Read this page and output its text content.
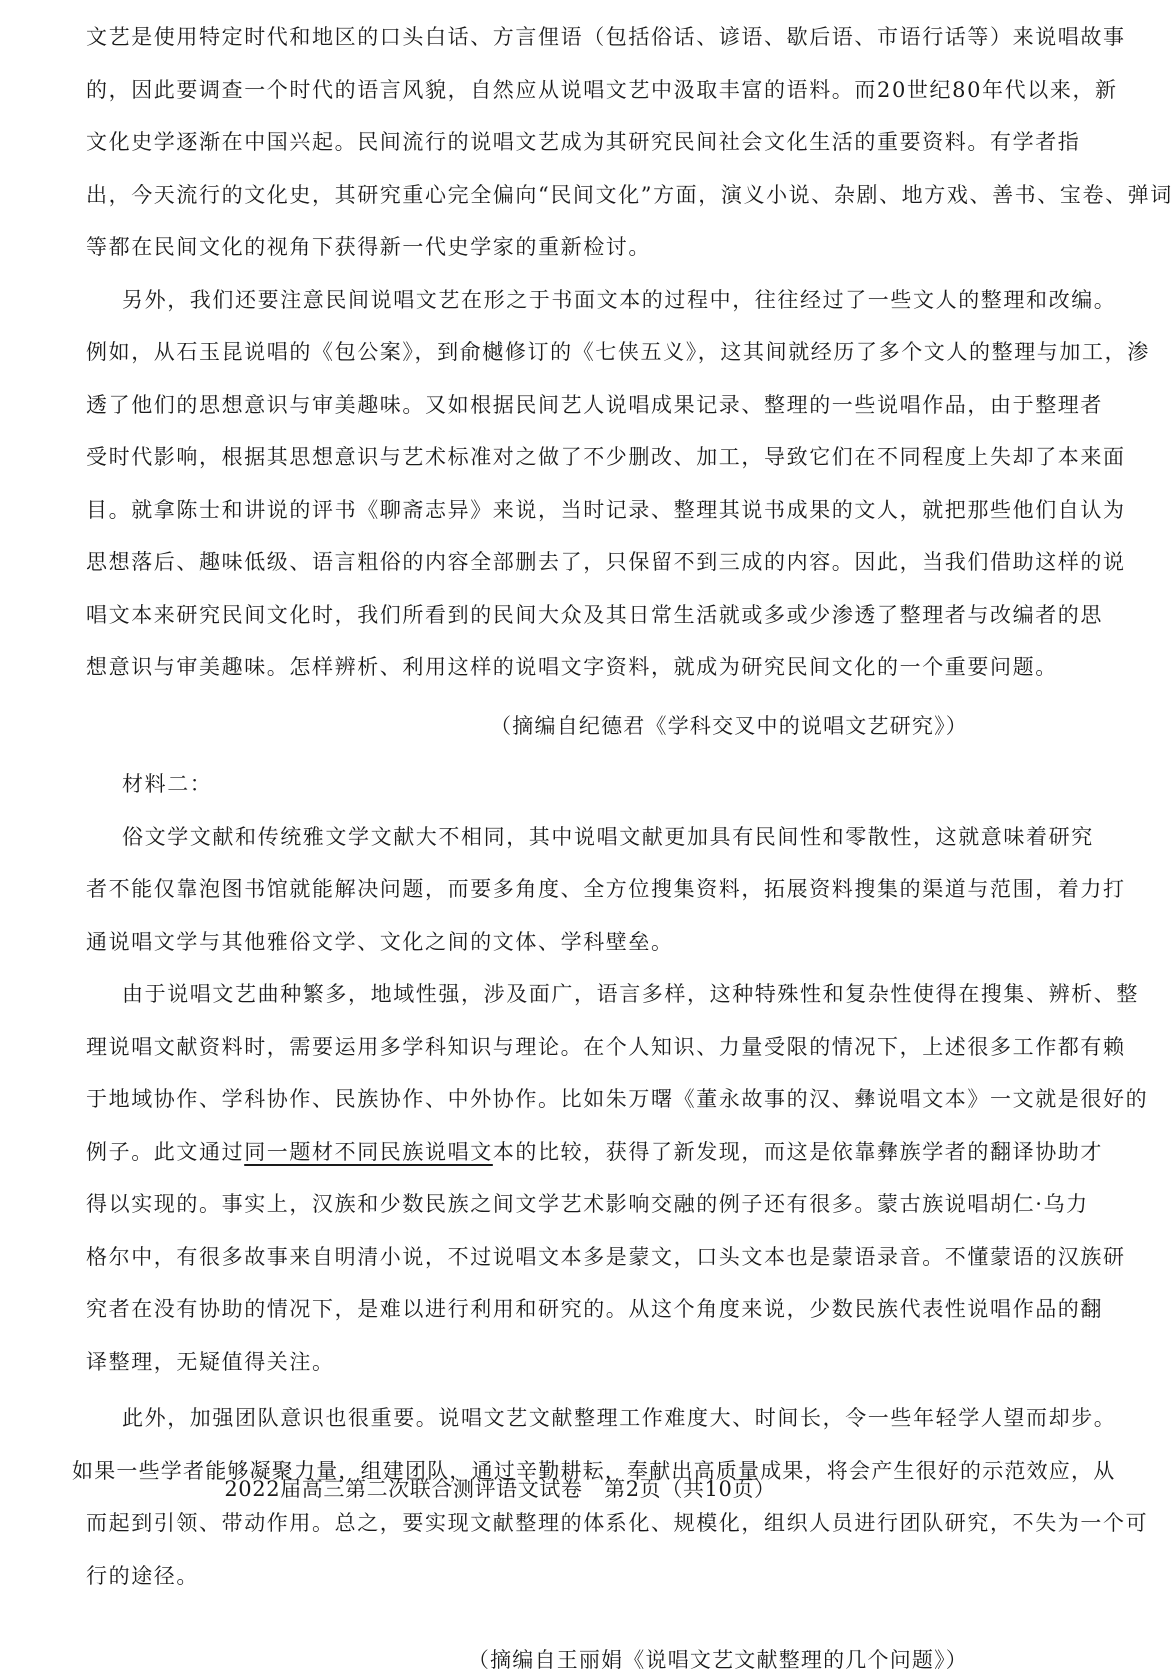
文艺是使用特定时代和地区的口头白话、方言俚语（包括俗话、谚语、歇后语、市语行话等）来说唱故事
的，因此要调查一个时代的语言风貌，自然应从说唱文艺中汲取丰富的语料。而20世纪80年代以来，新
文化史学逐渐在中国兴起。民间流行的说唱文艺成为其研究民间社会文化生活的重要资料。有学者指
出，今天流行的文化史，其研究重心完全偏向“民间文化”方面，演义小说、杂剧、地方戏、善书、宝卷、弹词
等都在民间文化的视角下获得新一代史学家的重新检讨。
另外，我们还要注意民间说唱文艺在形之于书面文本的过程中，往往经过了一些文人的整理和改编。
例如，从石玉昆说唱的《包公案》，到俞樾修订的《七侠五义》，这其间就经历了多个文人的整理与加工，渗
透了他们的思想意识与审美趣味。又如根据民间艺人说唱成果记录、整理的一些说唱作品，由于整理者
受时代影响，根据其思想意识与艺术标准对之做了不少删改、加工，导致它们在不同程度上失却了本来面
目。就拿陈士和讲说的评书《聊斋志异》来说，当时记录、整理其说书成果的文人，就把那些他们自认为
思想落后、趣味低级、语言粗俗的内容全部删去了，只保留不到三成的内容。因此，当我们借助这样的说
唱文本来研究民间文化时，我们所看到的民间大众及其日常生活就或多或少渗透了整理者与改编者的思
想意识与审美趣味。怎样辨析、利用这样的说唱文字资料，就成为研究民间文化的一个重要问题。
（摘编自纪德君《学科交叉中的说唱文艺研究》）
材料二：
俗文学文献和传统雅文学文献大不相同，其中说唱文献更加具有民间性和零散性，这就意味着研究
者不能仅靠泡图书馆就能解决问题，而要多角度、全方位搜集资料，拓展资料搜集的渠道与范围，着力打
通说唱文学与其他雅俗文学、文化之间的文体、学科壁垒。
由于说唱文艺曲种繁多，地域性强，涉及面广，语言多样，这种特殊性和复杂性使得在搜集、辨析、整
理说唱文献资料时，需要运用多学科知识与理论。在个人知识、力量受限的情况下，上述很多工作都有赖
于地域协作、学科协作、民族协作、中外协作。比如朱万曙《董永故事的汉、彝说唱文本》一文就是很好的
例子。此文通过同一题材不同民族说唱文本的比较，获得了新发现，而这是依靠彝族学者的翻译协助才
得以实现的。事实上，汉族和少数民族之间文学艺术影响交融的例子还有很多。蒙古族说唱胡仁·乌力
格尔中，有很多故事来自明清小说，不过说唱文本多是蒙文，口头文本也是蒙语录音。不懂蒙语的汉族研
究者在没有协助的情况下，是难以进行利用和研究的。从这个角度来说，少数民族代表性说唱作品的翻
译整理，无疑值得关注。
此外，加强团队意识也很重要。说唱文艺文献整理工作难度大、时间长，令一些年轻学人望而却步。
如果一些学者能够凝聚力量，组建团队，通过辛勤耕耘，奉献出高质量成果，将会产生很好的示范效应，从
而起到引领、带动作用。总之，要实现文献整理的体系化、规模化，组织人员进行团队研究，不失为一个可
行的途径。
（摘编自王丽娟《说唱文艺文献整理的几个问题》）
2022届高三第二次联合测评语文试卷　第2页（共10页）
